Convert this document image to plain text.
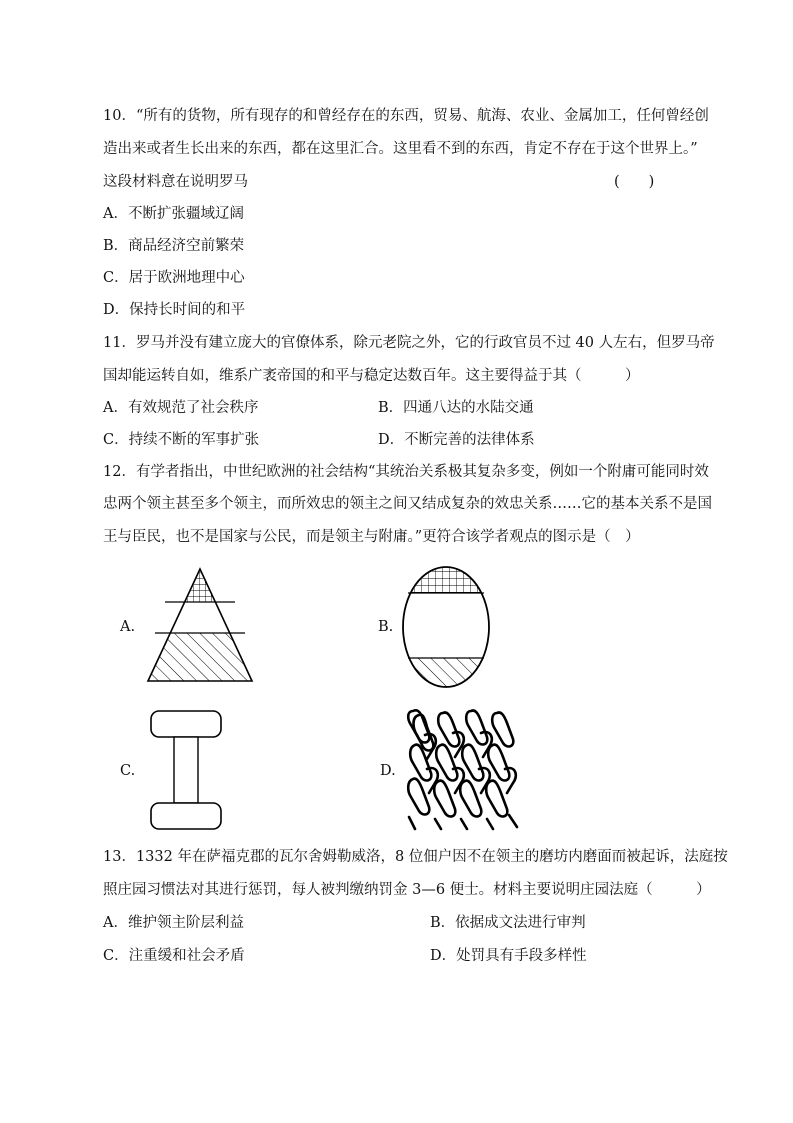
10．“所有的货物，所有现存的和曾经存在的东西，贸易、航海、农业、金属加工，任何曾经创
造出来或者生长出来的东西，都在这里汇合。这里看不到的东西，肯定不存在于这个世界上。”
这段材料意在说明罗马	(　　)
A．不断扩张疆域辽阔
B．商品经济空前繁荣
C．居于欧洲地理中心
D．保持长时间的和平
11．罗马并没有建立庞大的官僚体系，除元老院之外，它的行政官员不过 40 人左右，但罗马帝
国却能运转自如，维系广袤帝国的和平与稳定达数百年。这主要得益于其（　　　）
A．有效规范了社会秩序	B．四通八达的水陆交通
C．持续不断的军事扩张	D．不断完善的法律体系
12．有学者指出，中世纪欧洲的社会结构“其统治关系极其复杂多变，例如一个附庸可能同时效
忠两个领主甚至多个领主，而所效忠的领主之间又结成复杂的效忠关系……它的基本关系不是国
王与臣民，也不是国家与公民，而是领主与附庸。”更符合该学者观点的图示是（　）
A.	B.
C.	D.
13．1332 年在萨福克郡的瓦尔舍姆勒威洛，8 位佃户因不在领主的磨坊内磨面而被起诉，法庭按
照庄园习惯法对其进行惩罚，每人被判缴纳罚金 3—6 便士。材料主要说明庄园法庭（　　　）
A．维护领主阶层利益	B．依据成文法进行审判
C．注重缓和社会矛盾	D．处罚具有手段多样性
